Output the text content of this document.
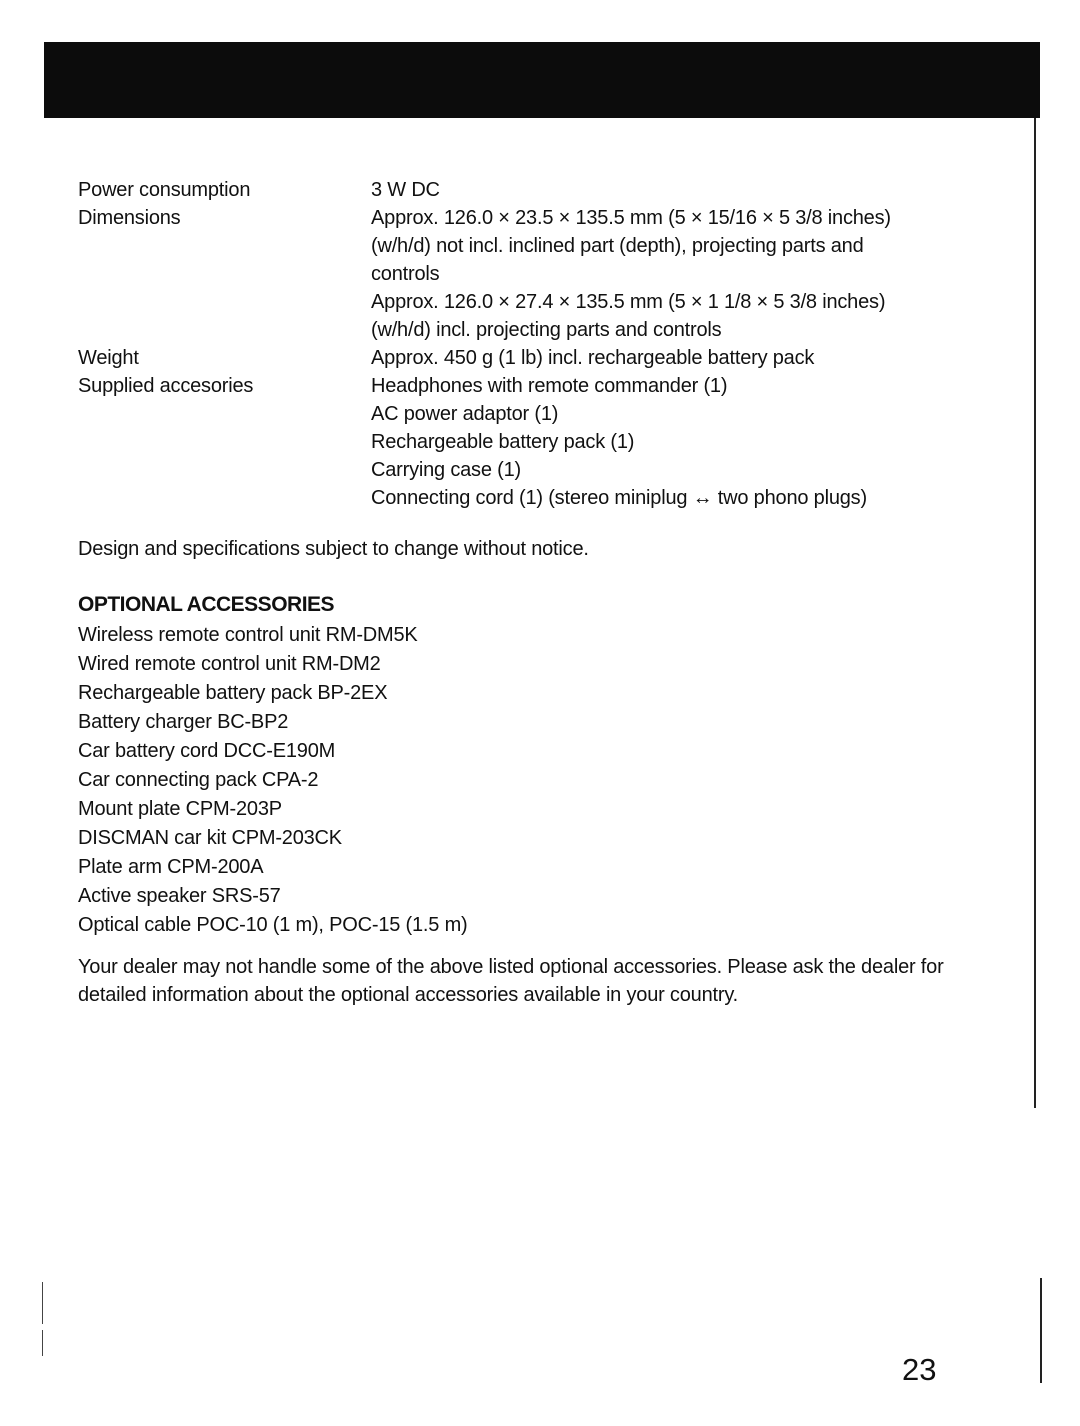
Power consumption	3 W DC

Dimensions	Approx. 126.0 × 23.5 × 135.5 mm (5 × 15/16 × 5 3/8 inches)
(w/h/d) not incl. inclined part (depth), projecting parts and
controls
Approx. 126.0 × 27.4 × 135.5 mm (5 × 1 1/8 × 5 3/8 inches)
(w/h/d) incl. projecting parts and controls

Weight	Approx. 450 g (1 lb) incl. rechargeable battery pack

Supplied accesories	Headphones with remote commander (1)
AC power adaptor (1)
Rechargeable battery pack (1)
Carrying case (1)
Connecting cord (1) (stereo miniplug ↔ two phono plugs)

Design and specifications subject to change without notice.

OPTIONAL ACCESSORIES
Wireless remote control unit RM-DM5K
Wired remote control unit RM-DM2
Rechargeable battery pack BP-2EX
Battery charger BC-BP2
Car battery cord DCC-E190M
Car connecting pack CPA-2
Mount plate CPM-203P
DISCMAN car kit CPM-203CK
Plate arm CPM-200A
Active speaker SRS-57
Optical cable POC-10 (1 m), POC-15 (1.5 m)

Your dealer may not handle some of the above listed optional accessories. Please ask the dealer for detailed information about the optional accessories available in your country.

23
